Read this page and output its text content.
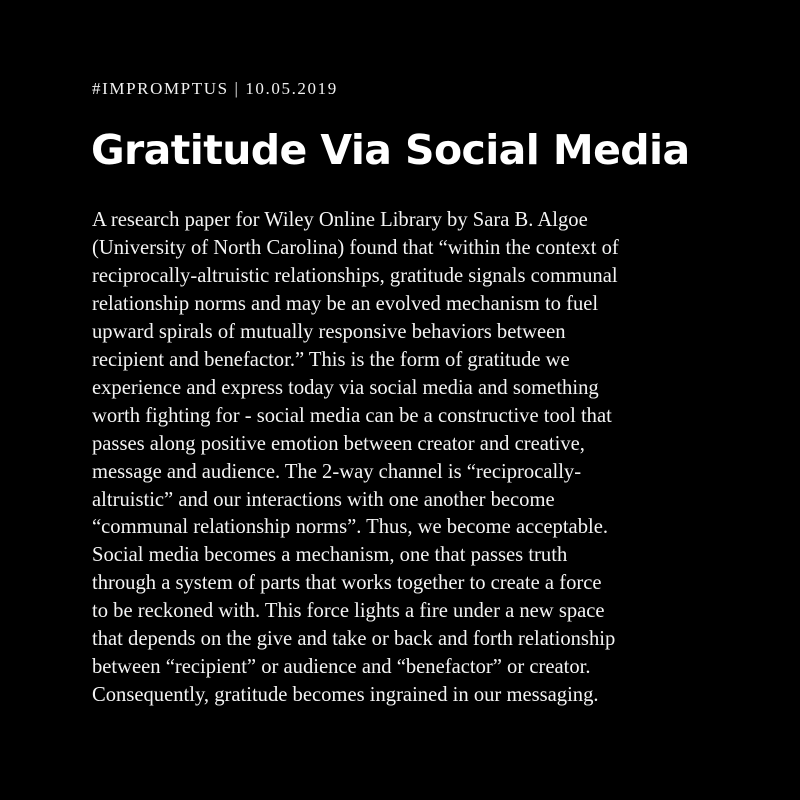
#IMPROMPTUS | 10.05.2019
Gratitude Via Social Media
A research paper for Wiley Online Library by Sara B. Algoe
(University of North Carolina) found that “within the context of
reciprocally-altruistic relationships, gratitude signals communal
relationship norms and may be an evolved mechanism to fuel
upward spirals of mutually responsive behaviors between
recipient and benefactor.” This is the form of gratitude we
experience and express today via social media and something
worth fighting for - social media can be a constructive tool that
passes along positive emotion between creator and creative,
message and audience. The 2-way channel is “reciprocally-
altruistic” and our interactions with one another become
“communal relationship norms”. Thus, we become acceptable.
Social media becomes a mechanism, one that passes truth
through a system of parts that works together to create a force
to be reckoned with. This force lights a fire under a new space
that depends on the give and take or back and forth relationship
between “recipient” or audience and “benefactor” or creator.
Consequently, gratitude becomes ingrained in our messaging.
